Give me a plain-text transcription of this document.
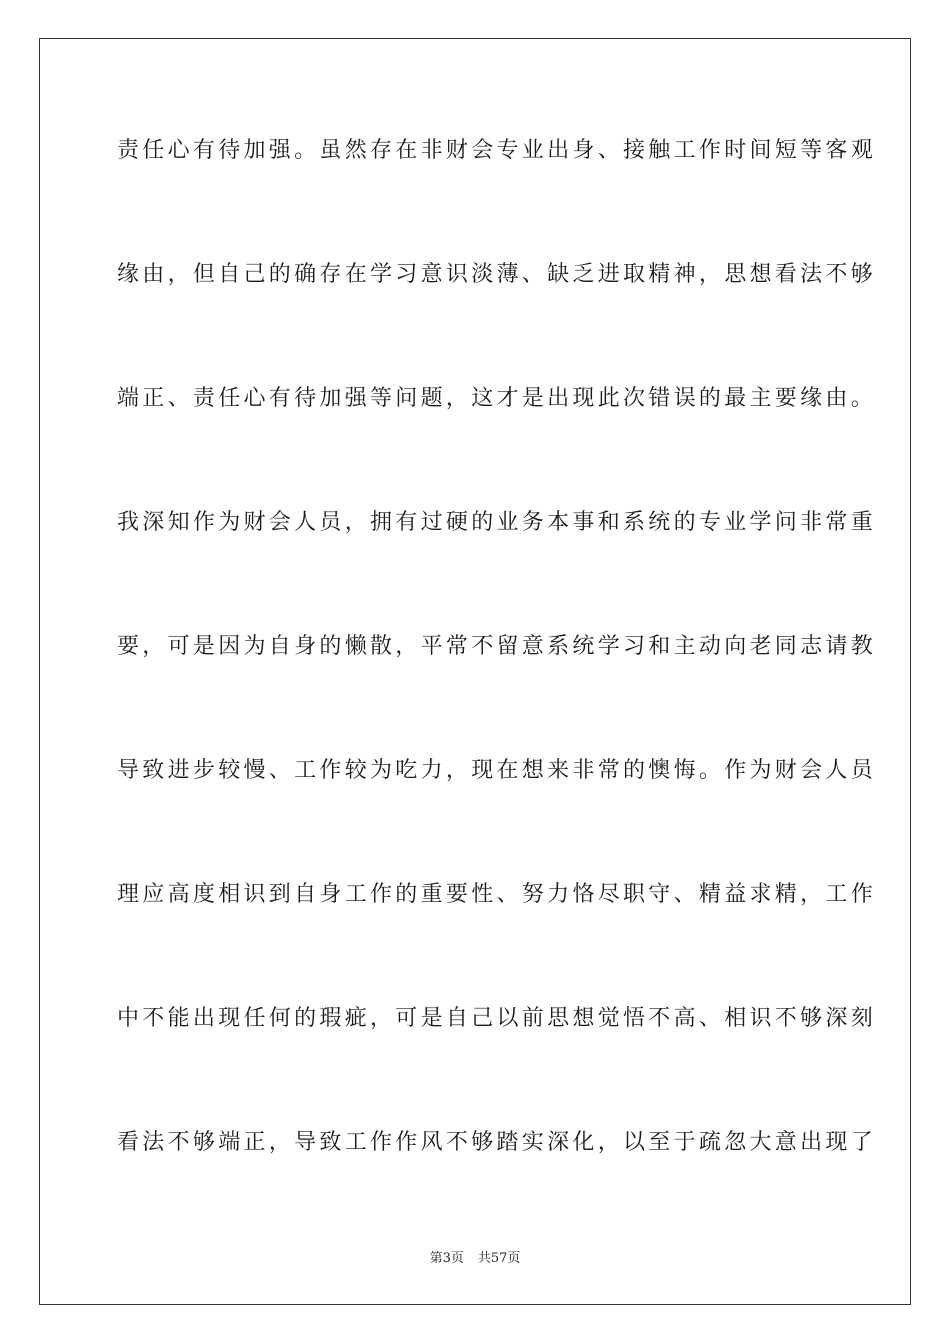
责任心有待加强。虽然存在非财会专业出身、接触工作时间短等客观
缘由，但自己的确存在学习意识淡薄、缺乏进取精神，思想看法不够
端正、责任心有待加强等问题，这才是出现此次错误的最主要缘由。
我深知作为财会人员，拥有过硬的业务本事和系统的专业学问非常重
要，可是因为自身的懒散，平常不留意系统学习和主动向老同志请教
导致进步较慢、工作较为吃力，现在想来非常的懊悔。作为财会人员
理应高度相识到自身工作的重要性、努力恪尽职守、精益求精，工作
中不能出现任何的瑕疵，可是自己以前思想觉悟不高、相识不够深刻
看法不够端正，导致工作作风不够踏实深化，以至于疏忽大意出现了
第3页 共57页
